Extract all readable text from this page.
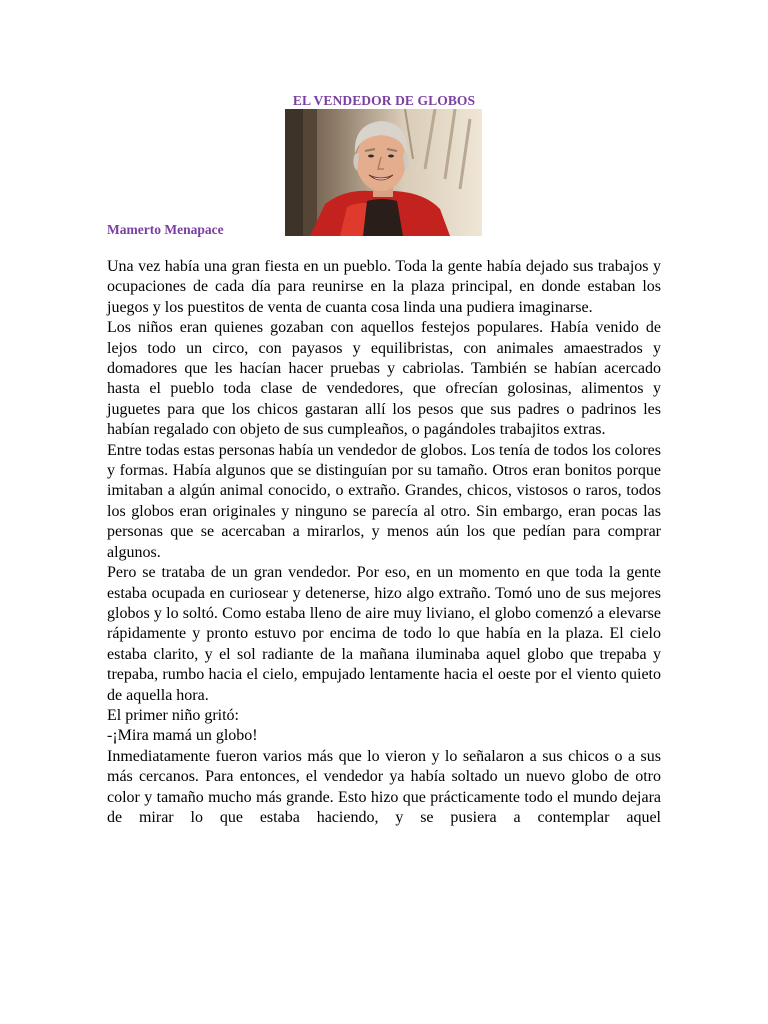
EL VENDEDOR DE GLOBOS
Mamerto Menapace

Una vez había una gran fiesta en un pueblo. Toda la gente había dejado sus trabajos y ocupaciones de cada día para reunirse en la plaza principal, en donde estaban los juegos y los puestitos de venta de cuanta cosa linda una pudiera imaginarse.

Los niños eran quienes gozaban con aquellos festejos populares. Había venido de lejos todo un circo, con payasos y equilibristas, con animales amaestrados y domadores que les hacían hacer pruebas y cabriolas. También se habían acercado hasta el pueblo toda clase de vendedores, que ofrecían golosinas, alimentos y

juguetes para que los chicos gastaran allí los pesos que sus padres o padrinos les habían regalado con objeto de sus cumpleaños, o pagándoles trabajitos extras.

Entre todas estas personas había un vendedor de globos. Los tenía de todos los colores y formas. Había algunos que se distinguían por su tamaño. Otros eran bonitos porque imitaban a algún animal conocido, o extraño. Grandes, chicos, vistosos o raros, todos los globos eran originales y ninguno se parecía al otro. Sin embargo, eran pocas las personas que se acercaban a mirarlos, y menos aún los que pedían para comprar algunos.

Pero se trataba de un gran vendedor. Por eso, en un momento en que toda la gente estaba ocupada en curiosear y detenerse, hizo algo extraño. Tomó uno de sus mejores globos y lo soltó. Como estaba lleno de aire muy liviano, el globo comenzó a elevarse rápidamente y pronto estuvo por encima de todo lo que había en la plaza. El cielo estaba clarito, y el sol radiante de la mañana iluminaba aquel globo que trepaba y trepaba, rumbo hacia el cielo, empujado lentamente hacia el oeste por el viento quieto de aquella hora.

El primer niño gritó:

-¡Mira mamá un globo!

Inmediatamente fueron varios más que lo vieron y lo señalaron a sus chicos o a sus más cercanos. Para entonces, el vendedor ya había soltado un nuevo globo de otro color y tamaño mucho más grande. Esto hizo que prácticamente todo el mundo dejara de mirar lo que estaba haciendo, y se pusiera a contemplar aquel
